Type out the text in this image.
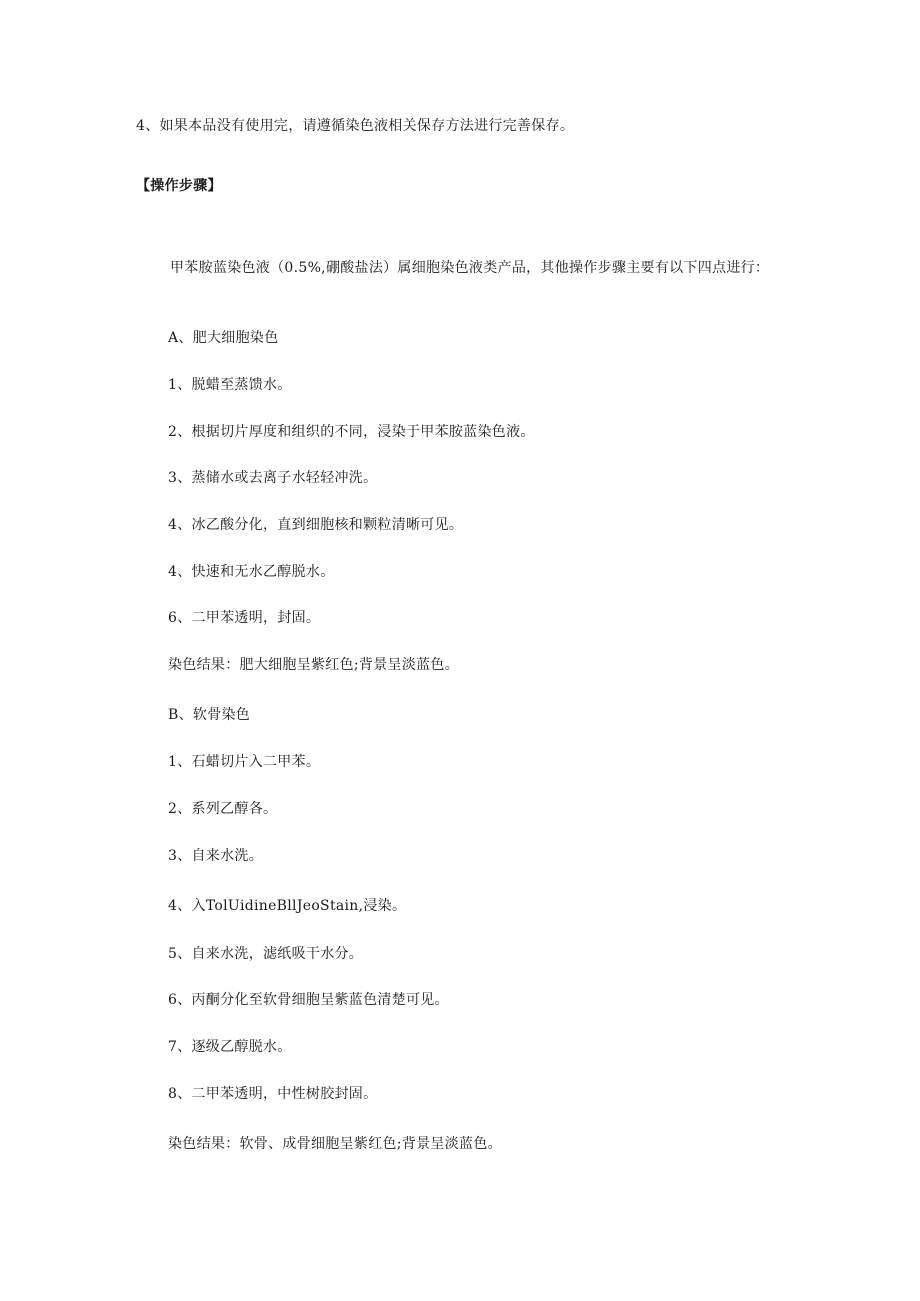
4、如果本品没有使用完，请遵循染色液相关保存方法进行完善保存。
【操作步骤】
甲苯胺蓝染色液（0.5%,硼酸盐法）属细胞染色液类产品，其他操作步骤主要有以下四点进行：
A、肥大细胞染色
1、脱蜡至蒸馈水。
2、根据切片厚度和组织的不同，浸染于甲苯胺蓝染色液。
3、蒸储水或去离子水轻轻冲洗。
4、冰乙酸分化，直到细胞核和颗粒清晰可见。
4、快速和无水乙醇脱水。
6、二甲苯透明，封固。
染色结果：肥大细胞呈紫红色;背景呈淡蓝色。
B、软骨染色
1、石蜡切片入二甲苯。
2、系列乙醇各。
3、自来水洗。
4、入TolUidineBllJeoStain,浸染。
5、自来水洗，滤纸吸干水分。
6、丙酮分化至软骨细胞呈紫蓝色清楚可见。
7、逐级乙醇脱水。
8、二甲苯透明，中性树胶封固。
染色结果：软骨、成骨细胞呈紫红色;背景呈淡蓝色。
